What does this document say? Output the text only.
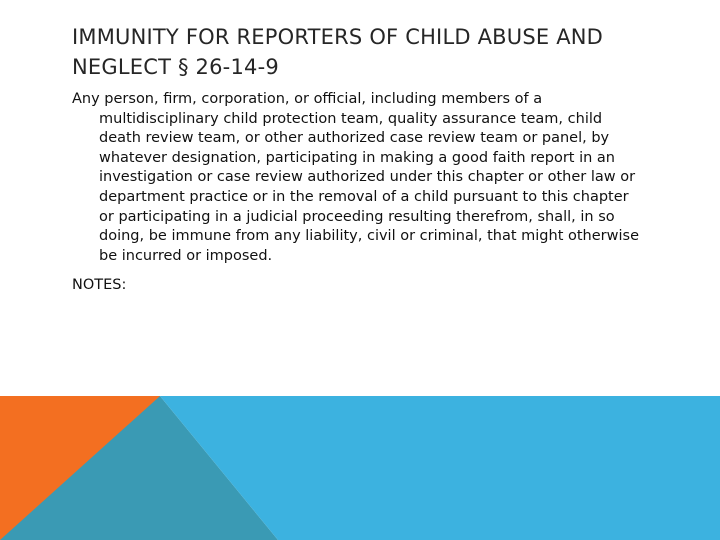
IMMUNITY FOR REPORTERS OF CHILD ABUSE AND NEGLECT § 26-14-9

Any person, firm, corporation, or official, including members of a multidisciplinary child protection team, quality assurance team, child death review team, or other authorized case review team or panel, by whatever designation, participating in making a good faith report in an investigation or case review authorized under this chapter or other law or department practice or in the removal of a child pursuant to this chapter or participating in a judicial proceeding resulting therefrom, shall, in so doing, be immune from any liability, civil or criminal, that might otherwise be incurred or imposed.

NOTES:
